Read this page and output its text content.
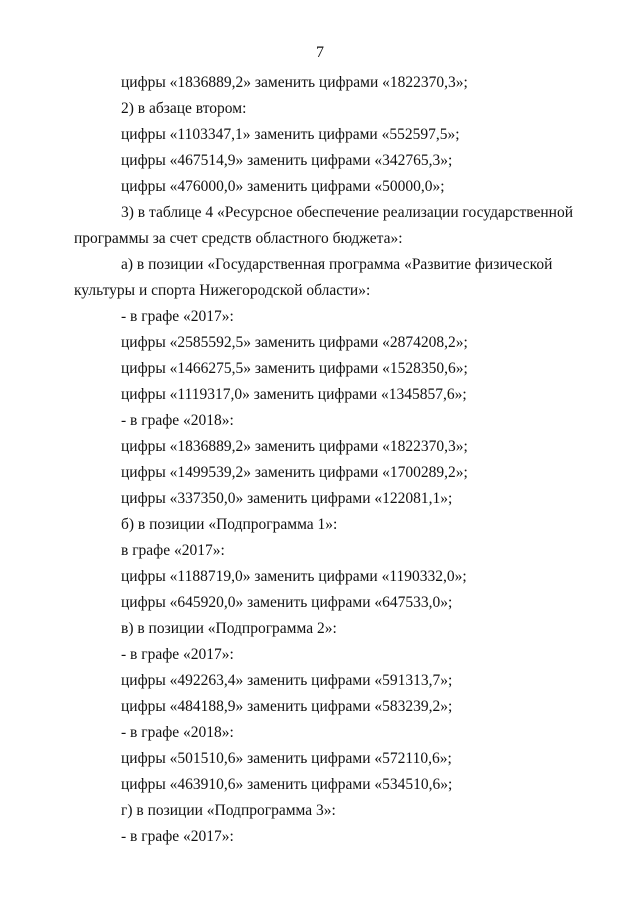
7
цифры «1836889,2» заменить цифрами «1822370,3»;
2) в абзаце втором:
цифры «1103347,1» заменить цифрами «552597,5»;
цифры «467514,9» заменить цифрами «342765,3»;
цифры «476000,0» заменить цифрами «50000,0»;
3) в таблице 4 «Ресурсное обеспечение реализации государственной
программы за счет средств областного бюджета»:
а) в позиции «Государственная программа «Развитие физической
культуры и спорта Нижегородской области»:
- в графе «2017»:
цифры «2585592,5» заменить цифрами «2874208,2»;
цифры «1466275,5» заменить цифрами «1528350,6»;
цифры «1119317,0» заменить цифрами «1345857,6»;
- в графе «2018»:
цифры «1836889,2» заменить цифрами «1822370,3»;
цифры «1499539,2» заменить цифрами «1700289,2»;
цифры «337350,0» заменить цифрами «122081,1»;
б) в позиции «Подпрограмма 1»:
в графе «2017»:
цифры «1188719,0» заменить цифрами «1190332,0»;
цифры «645920,0» заменить цифрами «647533,0»;
в) в позиции «Подпрограмма 2»:
- в графе «2017»:
цифры «492263,4» заменить цифрами «591313,7»;
цифры «484188,9» заменить цифрами «583239,2»;
- в графе «2018»:
цифры «501510,6» заменить цифрами «572110,6»;
цифры «463910,6» заменить цифрами «534510,6»;
г) в позиции «Подпрограмма 3»:
- в графе «2017»:
